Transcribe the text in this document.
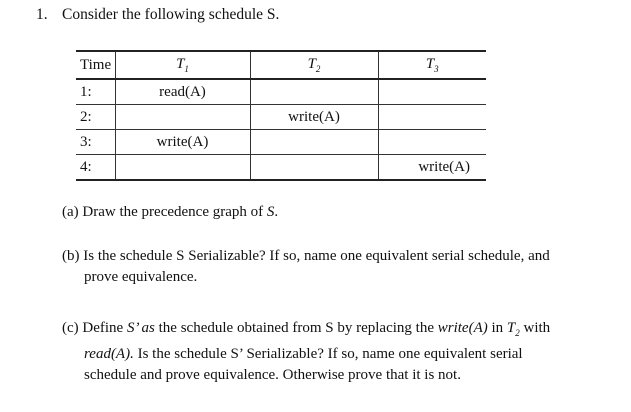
1. Consider the following schedule S.
Time	$T_1$	$T_2$	$T_3$
1:	read(A)		
2:		write(A)	
3:	write(A)		
4:			write(A)
(a) Draw the precedence graph of S.
(b) Is the schedule S Serializable? If so, name one equivalent serial schedule, and
prove equivalence.
(c) Define S’ as the schedule obtained from S by replacing the write(A) in $T_2$ with
read(A). Is the schedule S’ Serializable? If so, name one equivalent serial
schedule and prove equivalence. Otherwise prove that it is not.
